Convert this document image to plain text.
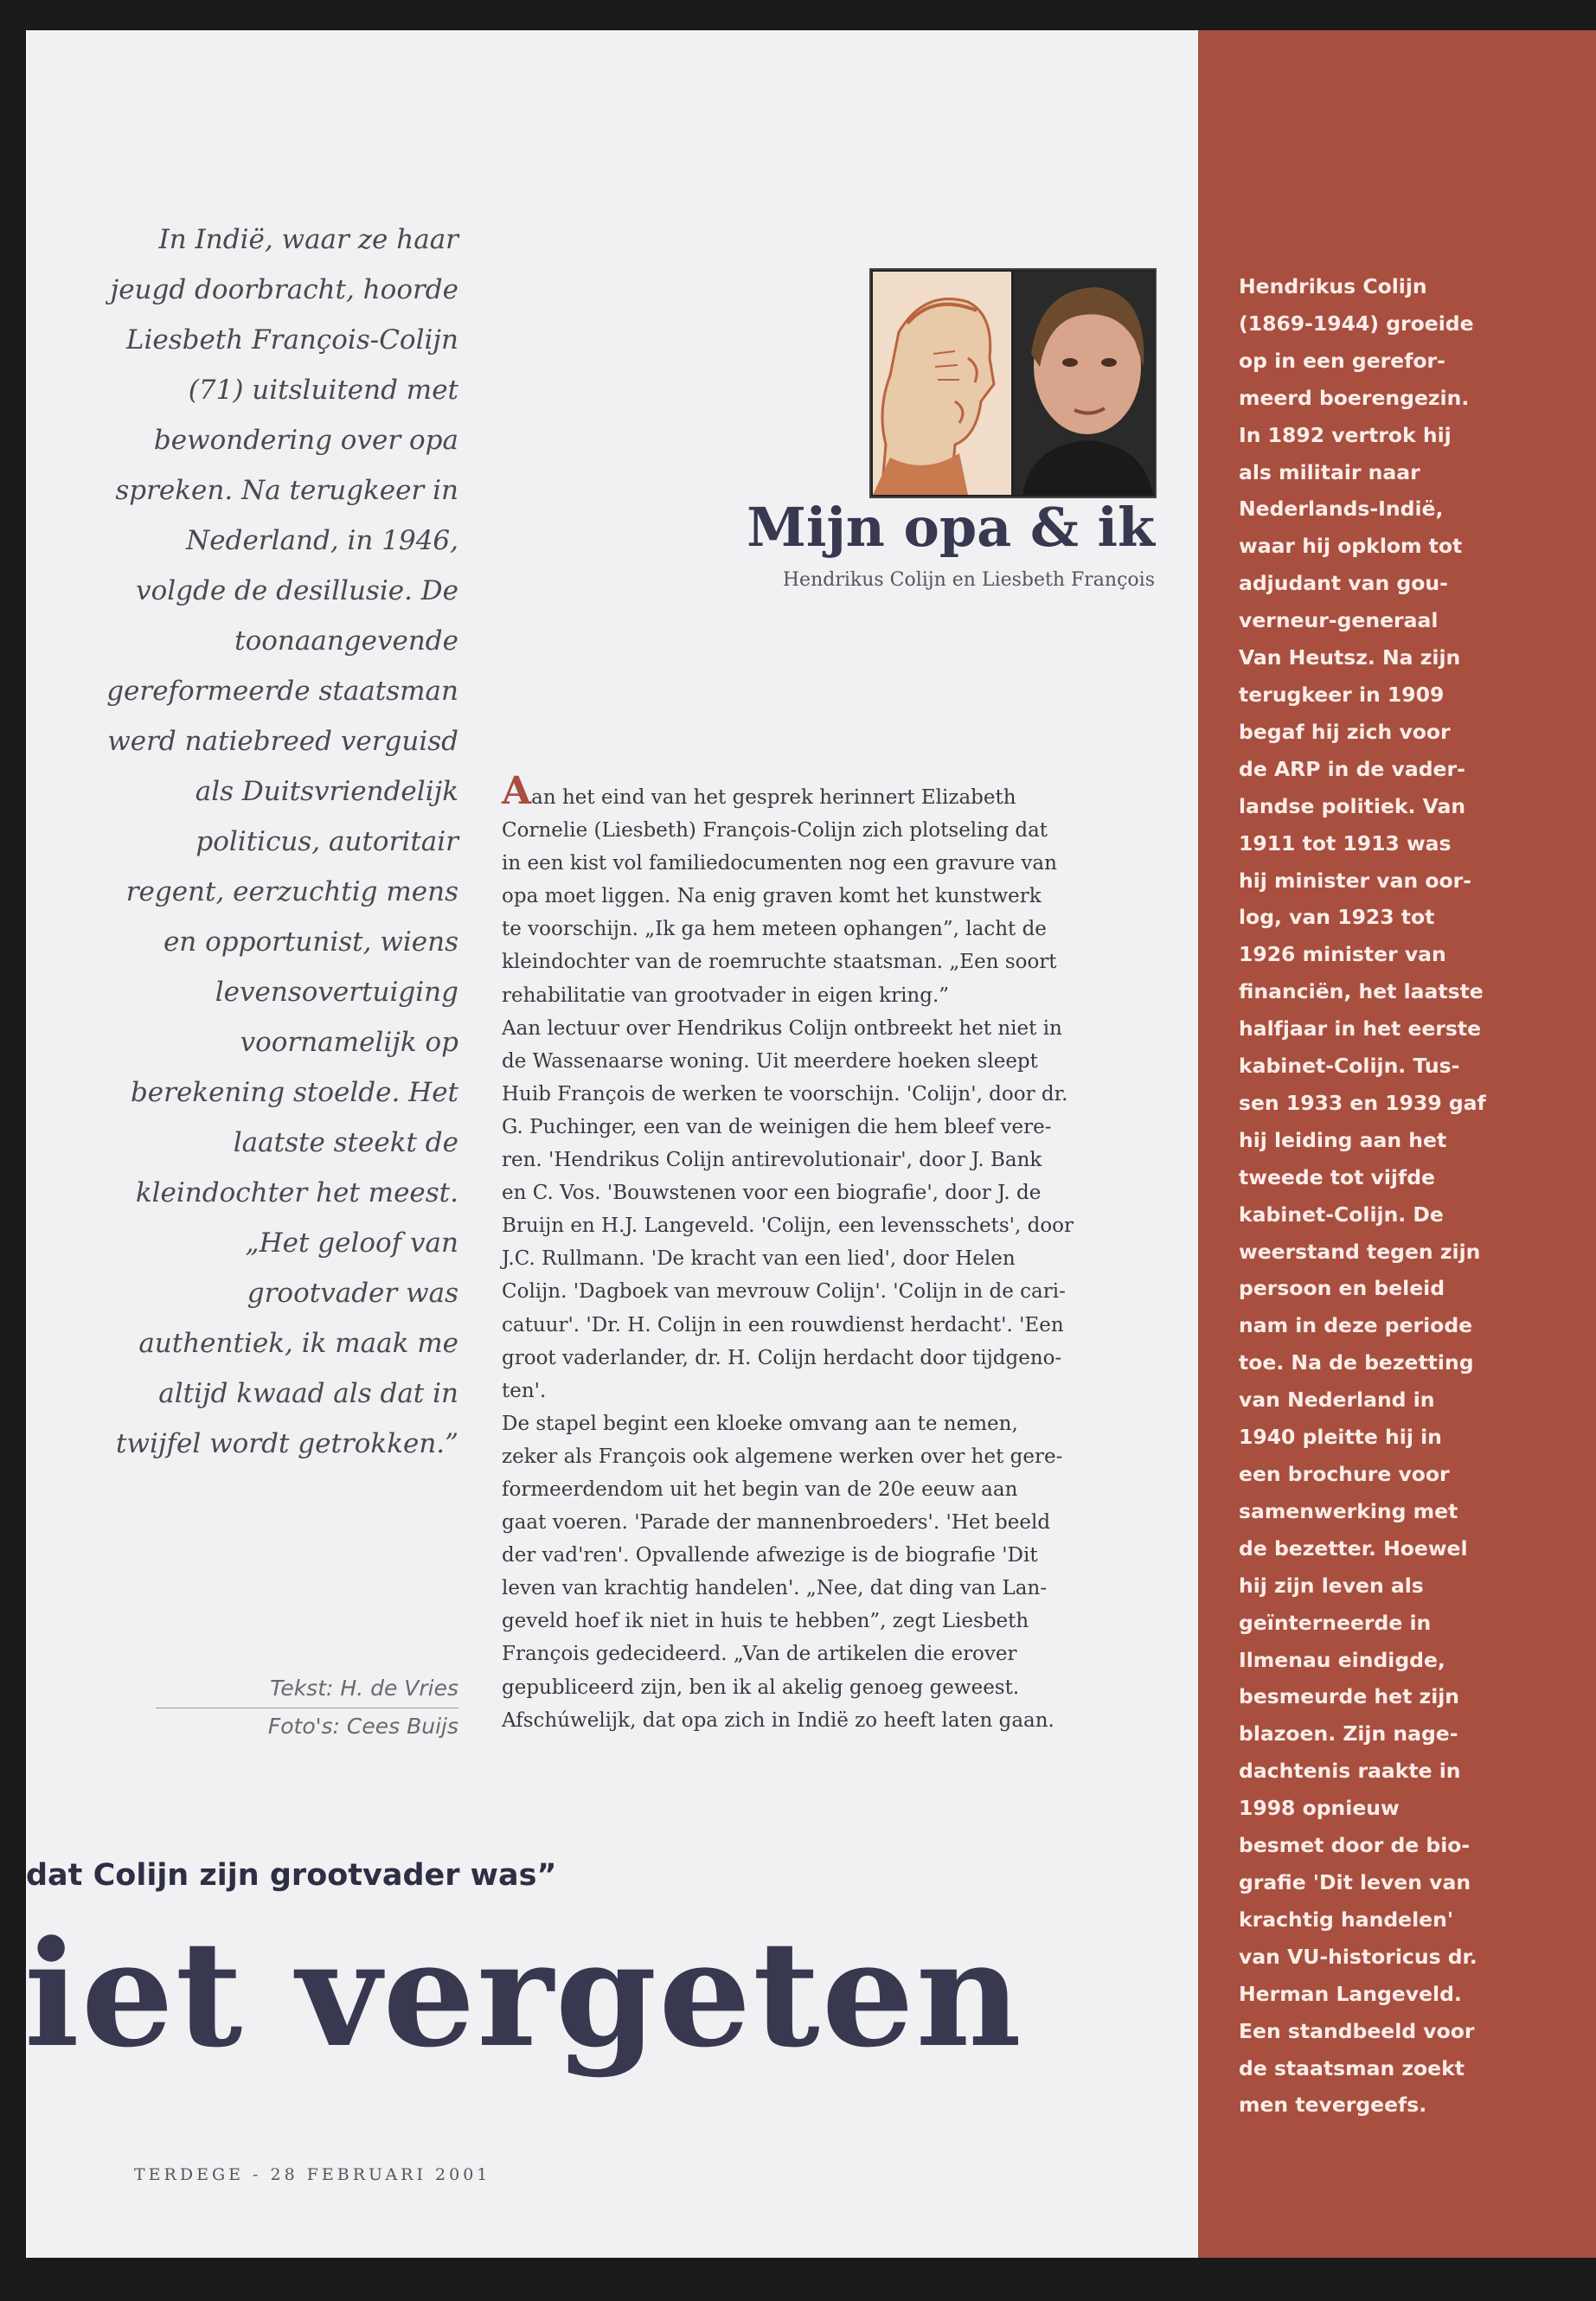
In Indië, waar ze haar
jeugd doorbracht, hoorde
Liesbeth François-Colijn
(71) uitsluitend met
bewondering over opa
spreken. Na terugkeer in
Nederland, in 1946,
volgde de desillusie. De
toonaangevende
gereformeerde staatsman
werd natiebreed verguisd
als Duitsvriendelijk
politicus, autoritair
regent, eerzuchtig mens
en opportunist, wiens
levensovertuiging
voornamelijk op
berekening stoelde. Het
laatste steekt de
kleindochter het meest.
„Het geloof van
grootvader was
authentiek, ik maak me
altijd kwaad als dat in
twijfel wordt getrokken.”
Tekst: H. de Vries
Foto's: Cees Buijs
Mijn opa & ik
Hendrikus Colijn en Liesbeth François
Aan het eind van het gesprek herinnert Elizabeth
Cornelie (Liesbeth) François-Colijn zich plotseling dat
in een kist vol familiedocumenten nog een gravure van
opa moet liggen. Na enig graven komt het kunstwerk
te voorschijn. „Ik ga hem meteen ophangen”, lacht de
kleindochter van de roemruchte staatsman. „Een soort
rehabilitatie van grootvader in eigen kring.”
Aan lectuur over Hendrikus Colijn ontbreekt het niet in
de Wassenaarse woning. Uit meerdere hoeken sleept
Huib François de werken te voorschijn. 'Colijn', door dr.
G. Puchinger, een van de weinigen die hem bleef vere-
ren. 'Hendrikus Colijn antirevolutionair', door J. Bank
en C. Vos. 'Bouwstenen voor een biografie', door J. de
Bruijn en H.J. Langeveld. 'Colijn, een levensschets', door
J.C. Rullmann. 'De kracht van een lied', door Helen
Colijn. 'Dagboek van mevrouw Colijn'. 'Colijn in de cari-
catuur'. 'Dr. H. Colijn in een rouwdienst herdacht'. 'Een
groot vaderlander, dr. H. Colijn herdacht door tijdgeno-
ten'.
De stapel begint een kloeke omvang aan te nemen,
zeker als François ook algemene werken over het gere-
formeerdendom uit het begin van de 20e eeuw aan
gaat voeren. 'Parade der mannenbroeders'. 'Het beeld
der vad'ren'. Opvallende afwezige is de biografie 'Dit
leven van krachtig handelen'. „Nee, dat ding van Lan-
geveld hoef ik niet in huis te hebben”, zegt Liesbeth
François gedecideerd. „Van de artikelen die erover
gepubliceerd zijn, ben ik al akelig genoeg geweest.
Afschúwelijk, dat opa zich in Indië zo heeft laten gaan.
Hendrikus Colijn
(1869-1944) groeide
op in een gerefor-
meerd boerengezin.
In 1892 vertrok hij
als militair naar
Nederlands-Indië,
waar hij opklom tot
adjudant van gou-
verneur-generaal
Van Heutsz. Na zijn
terugkeer in 1909
begaf hij zich voor
de ARP in de vader-
landse politiek. Van
1911 tot 1913 was
hij minister van oor-
log, van 1923 tot
1926 minister van
financiën, het laatste
halfjaar in het eerste
kabinet-Colijn. Tus-
sen 1933 en 1939 gaf
hij leiding aan het
tweede tot vijfde
kabinet-Colijn. De
weerstand tegen zijn
persoon en beleid
nam in deze periode
toe. Na de bezetting
van Nederland in
1940 pleitte hij in
een brochure voor
samenwerking met
de bezetter. Hoewel
hij zijn leven als
geïnterneerde in
Ilmenau eindigde,
besmeurde het zijn
blazoen. Zijn nage-
dachtenis raakte in
1998 opnieuw
besmet door de bio-
grafie 'Dit leven van
krachtig handelen'
van VU-historicus dr.
Herman Langeveld.
Een standbeeld voor
de staatsman zoekt
men tevergeefs.
dat Colijn zijn grootvader was”
iet vergeten
TERDEGE - 28 FEBRUARI 2001
